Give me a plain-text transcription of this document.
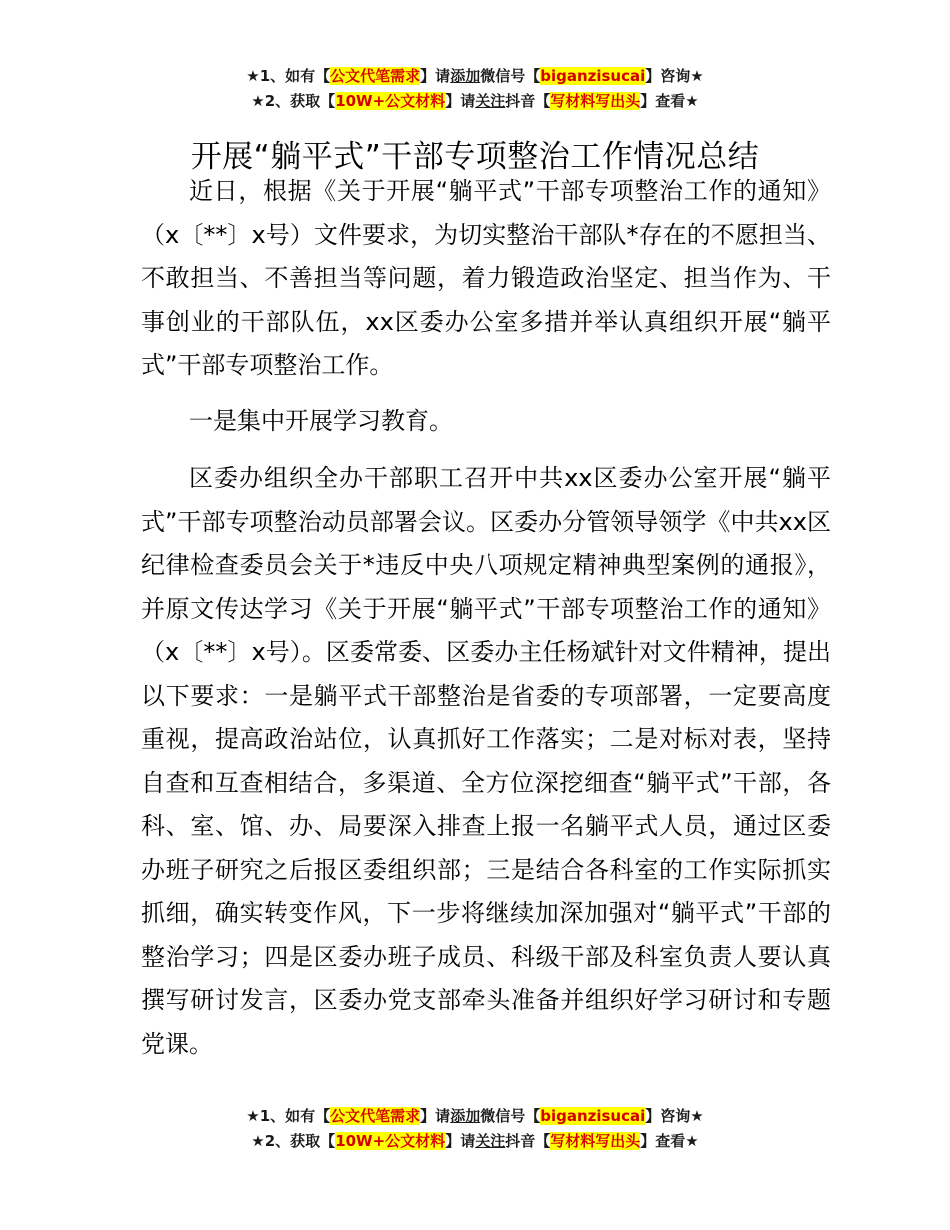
★1、如有【公文代笔需求】请添加微信号【biganzisucai】咨询★
★2、获取【10W+公文材料】请关注抖音【写材料写出头】查看★
开展“躺平式”干部专项整治工作情况总结

近日，根据《关于开展“躺平式”干部专项整治工作的通知》（x〔**〕x号）文件要求，为切实整治干部队*存在的不愿担当、不敢担当、不善担当等问题，着力锻造政治坚定、担当作为、干事创业的干部队伍，xx区委办公室多措并举认真组织开展“躺平式”干部专项整治工作。

一是集中开展学习教育。

区委办组织全办干部职工召开中共xx区委办公室开展“躺平式”干部专项整治动员部署会议。区委办分管领导领学《中共xx区纪律检查委员会关于*违反中央八项规定精神典型案例的通报》，并原文传达学习《关于开展“躺平式”干部专项整治工作的通知》（x〔**〕x号）。区委常委、区委办主任杨斌针对文件精神，提出以下要求：一是躺平式干部整治是省委的专项部署，一定要高度重视，提高政治站位，认真抓好工作落实；二是对标对表，坚持自查和互查相结合，多渠道、全方位深挖细查“躺平式”干部，各科、室、馆、办、局要深入排查上报一名躺平式人员，通过区委办班子研究之后报区委组织部；三是结合各科室的工作实际抓实抓细，确实转变作风，下一步将继续加深加强对“躺平式”干部的整治学习；四是区委办班子成员、科级干部及科室负责人要认真撰写研讨发言，区委办党支部牵头准备并组织好学习研讨和专题党课。

★1、如有【公文代笔需求】请添加微信号【biganzisucai】咨询★
★2、获取【10W+公文材料】请关注抖音【写材料写出头】查看★
